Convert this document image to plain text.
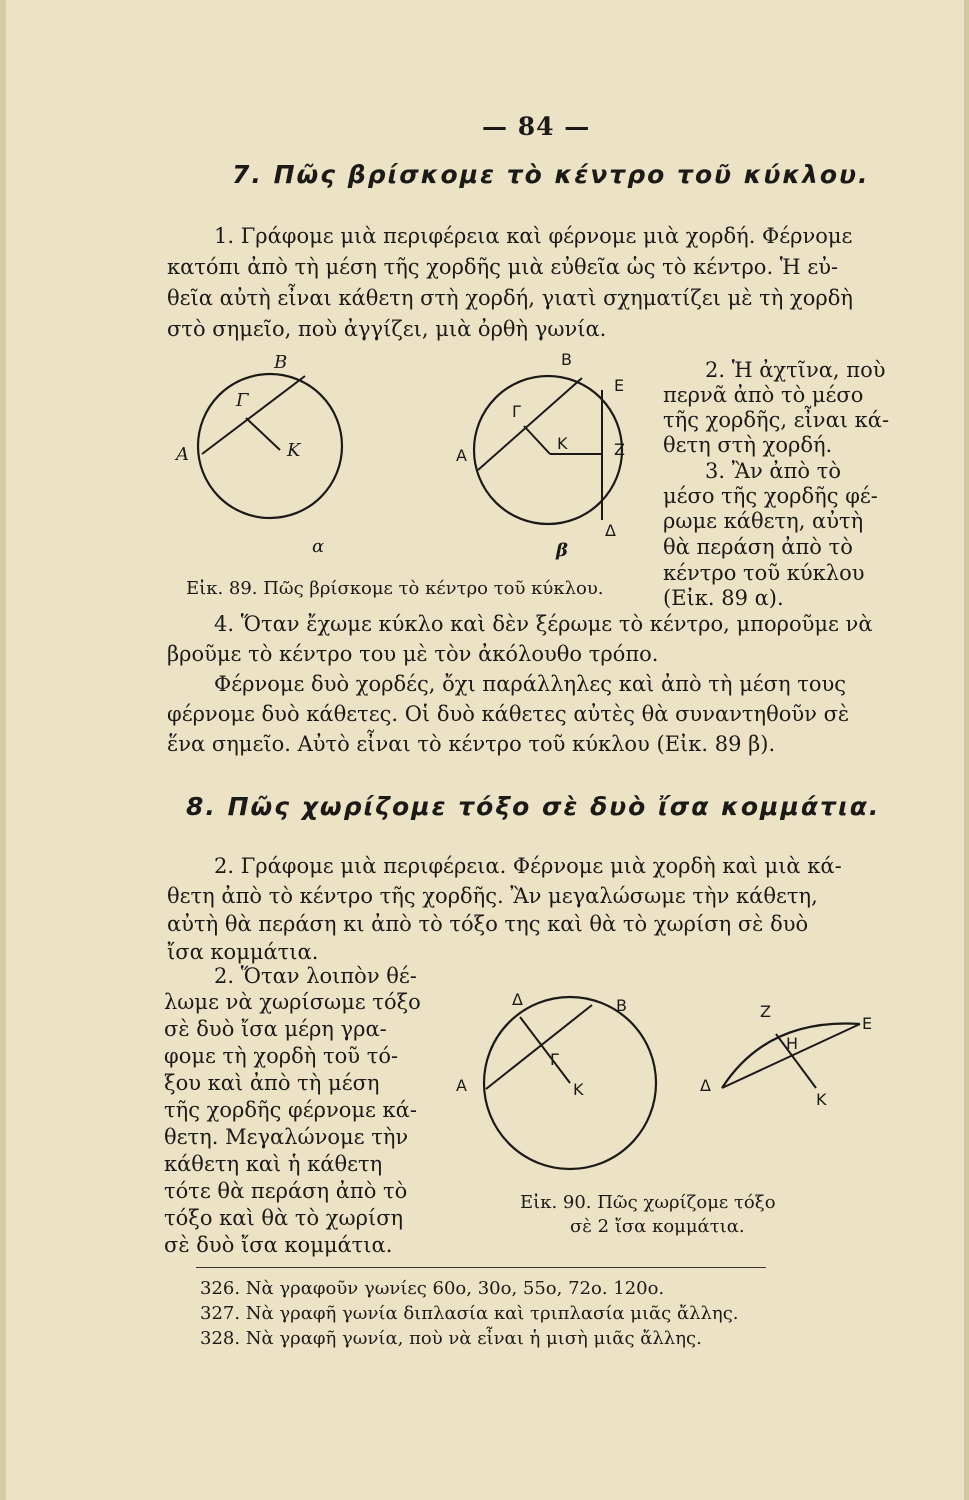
— 84 —
7. Πῶς βρίσκομε τὸ κέντρο τοῦ κύκλου.
1. Γράφομε μιὰ περιφέρεια καὶ φέρνομε μιὰ χορδή. Φέρνομε
κατόπι ἀπὸ τὴ μέση τῆς χορδῆς μιὰ εὐθεῖα ὡς τὸ κέντρο. Ἡ εὐ-
θεῖα αὐτὴ εἶναι κάθετη στὴ χορδή, γιατὶ σχηματίζει μὲ τὴ χορδὴ
στὸ σημεῖο, ποὺ ἀγγίζει, μιὰ ὀρθὴ γωνία.
2. Ἡ ἀχτῖνα, ποὺ
περνᾶ ἀπὸ τὸ μέσο
τῆς χορδῆς, εἶναι κά-
θετη στὴ χορδή.
3. Ἂν ἀπὸ τὸ
μέσο τῆς χορδῆς φέ-
ρωμε κάθετη, αὐτὴ
θὰ περάση ἀπὸ τὸ
κέντρο τοῦ κύκλου
(Εἰκ. 89 α).
Β
Γ
Α	Κ
α
Β
Ε
Γ
Κ
Α	Ζ
Δ
β
Εἰκ. 89. Πῶς βρίσκομε τὸ κέντρο τοῦ κύκλου.
4. Ὅταν ἔχωμε κύκλο καὶ δὲν ξέρωμε τὸ κέντρο, μποροῦμε νὰ
βροῦμε τὸ κέντρο του μὲ τὸν ἀκόλουθο τρόπο.
Φέρνομε δυὸ χορδές, ὄχι παράλληλες καὶ ἀπὸ τὴ μέση τους
φέρνομε δυὸ κάθετες. Οἱ δυὸ κάθετες αὐτὲς θὰ συναντηθοῦν σὲ
ἕνα σημεῖο. Αὐτὸ εἶναι τὸ κέντρο τοῦ κύκλου (Εἰκ. 89 β).
8. Πῶς χωρίζομε τόξο σὲ δυὸ ἴσα κομμάτια.
2. Γράφομε μιὰ περιφέρεια. Φέρνομε μιὰ χορδὴ καὶ μιὰ κά-
θετη ἀπὸ τὸ κέντρο τῆς χορδῆς. Ἂν μεγαλώσωμε τὴν κάθετη,
αὐτὴ θὰ περάση κι ἀπὸ τὸ τόξο της καὶ θὰ τὸ χωρίση σὲ δυὸ
ἴσα κομμάτια.
2. Ὅταν λοιπὸν θέ-
λωμε νὰ χωρίσωμε τόξο
σὲ δυὸ ἴσα μέρη γρα-
φομε τὴ χορδὴ τοῦ τό-
ξου καὶ ἀπὸ τὴ μέση
τῆς χορδῆς φέρνομε κά-
θετη. Μεγαλώνομε τὴν
κάθετη καὶ ἡ κάθετη
τότε θὰ περάση ἀπὸ τὸ
τόξο καὶ θὰ τὸ χωρίση
σὲ δυὸ ἴσα κομμάτια.
Δ	Β
Γ
Α	Κ
Ζ
Ε
Η
Δ
Κ
Εἰκ. 90. Πῶς χωρίζομε τόξο
σὲ 2 ἴσα κομμάτια.
326. Νὰ γραφοῦν γωνίες 60ο, 30ο, 55ο, 72ο. 120ο.
327. Νὰ γραφῆ γωνία διπλασία καὶ τριπλασία μιᾶς ἄλλης.
328. Νὰ γραφῆ γωνία, ποὺ νὰ εἶναι ἡ μισὴ μιᾶς ἄλλης.
